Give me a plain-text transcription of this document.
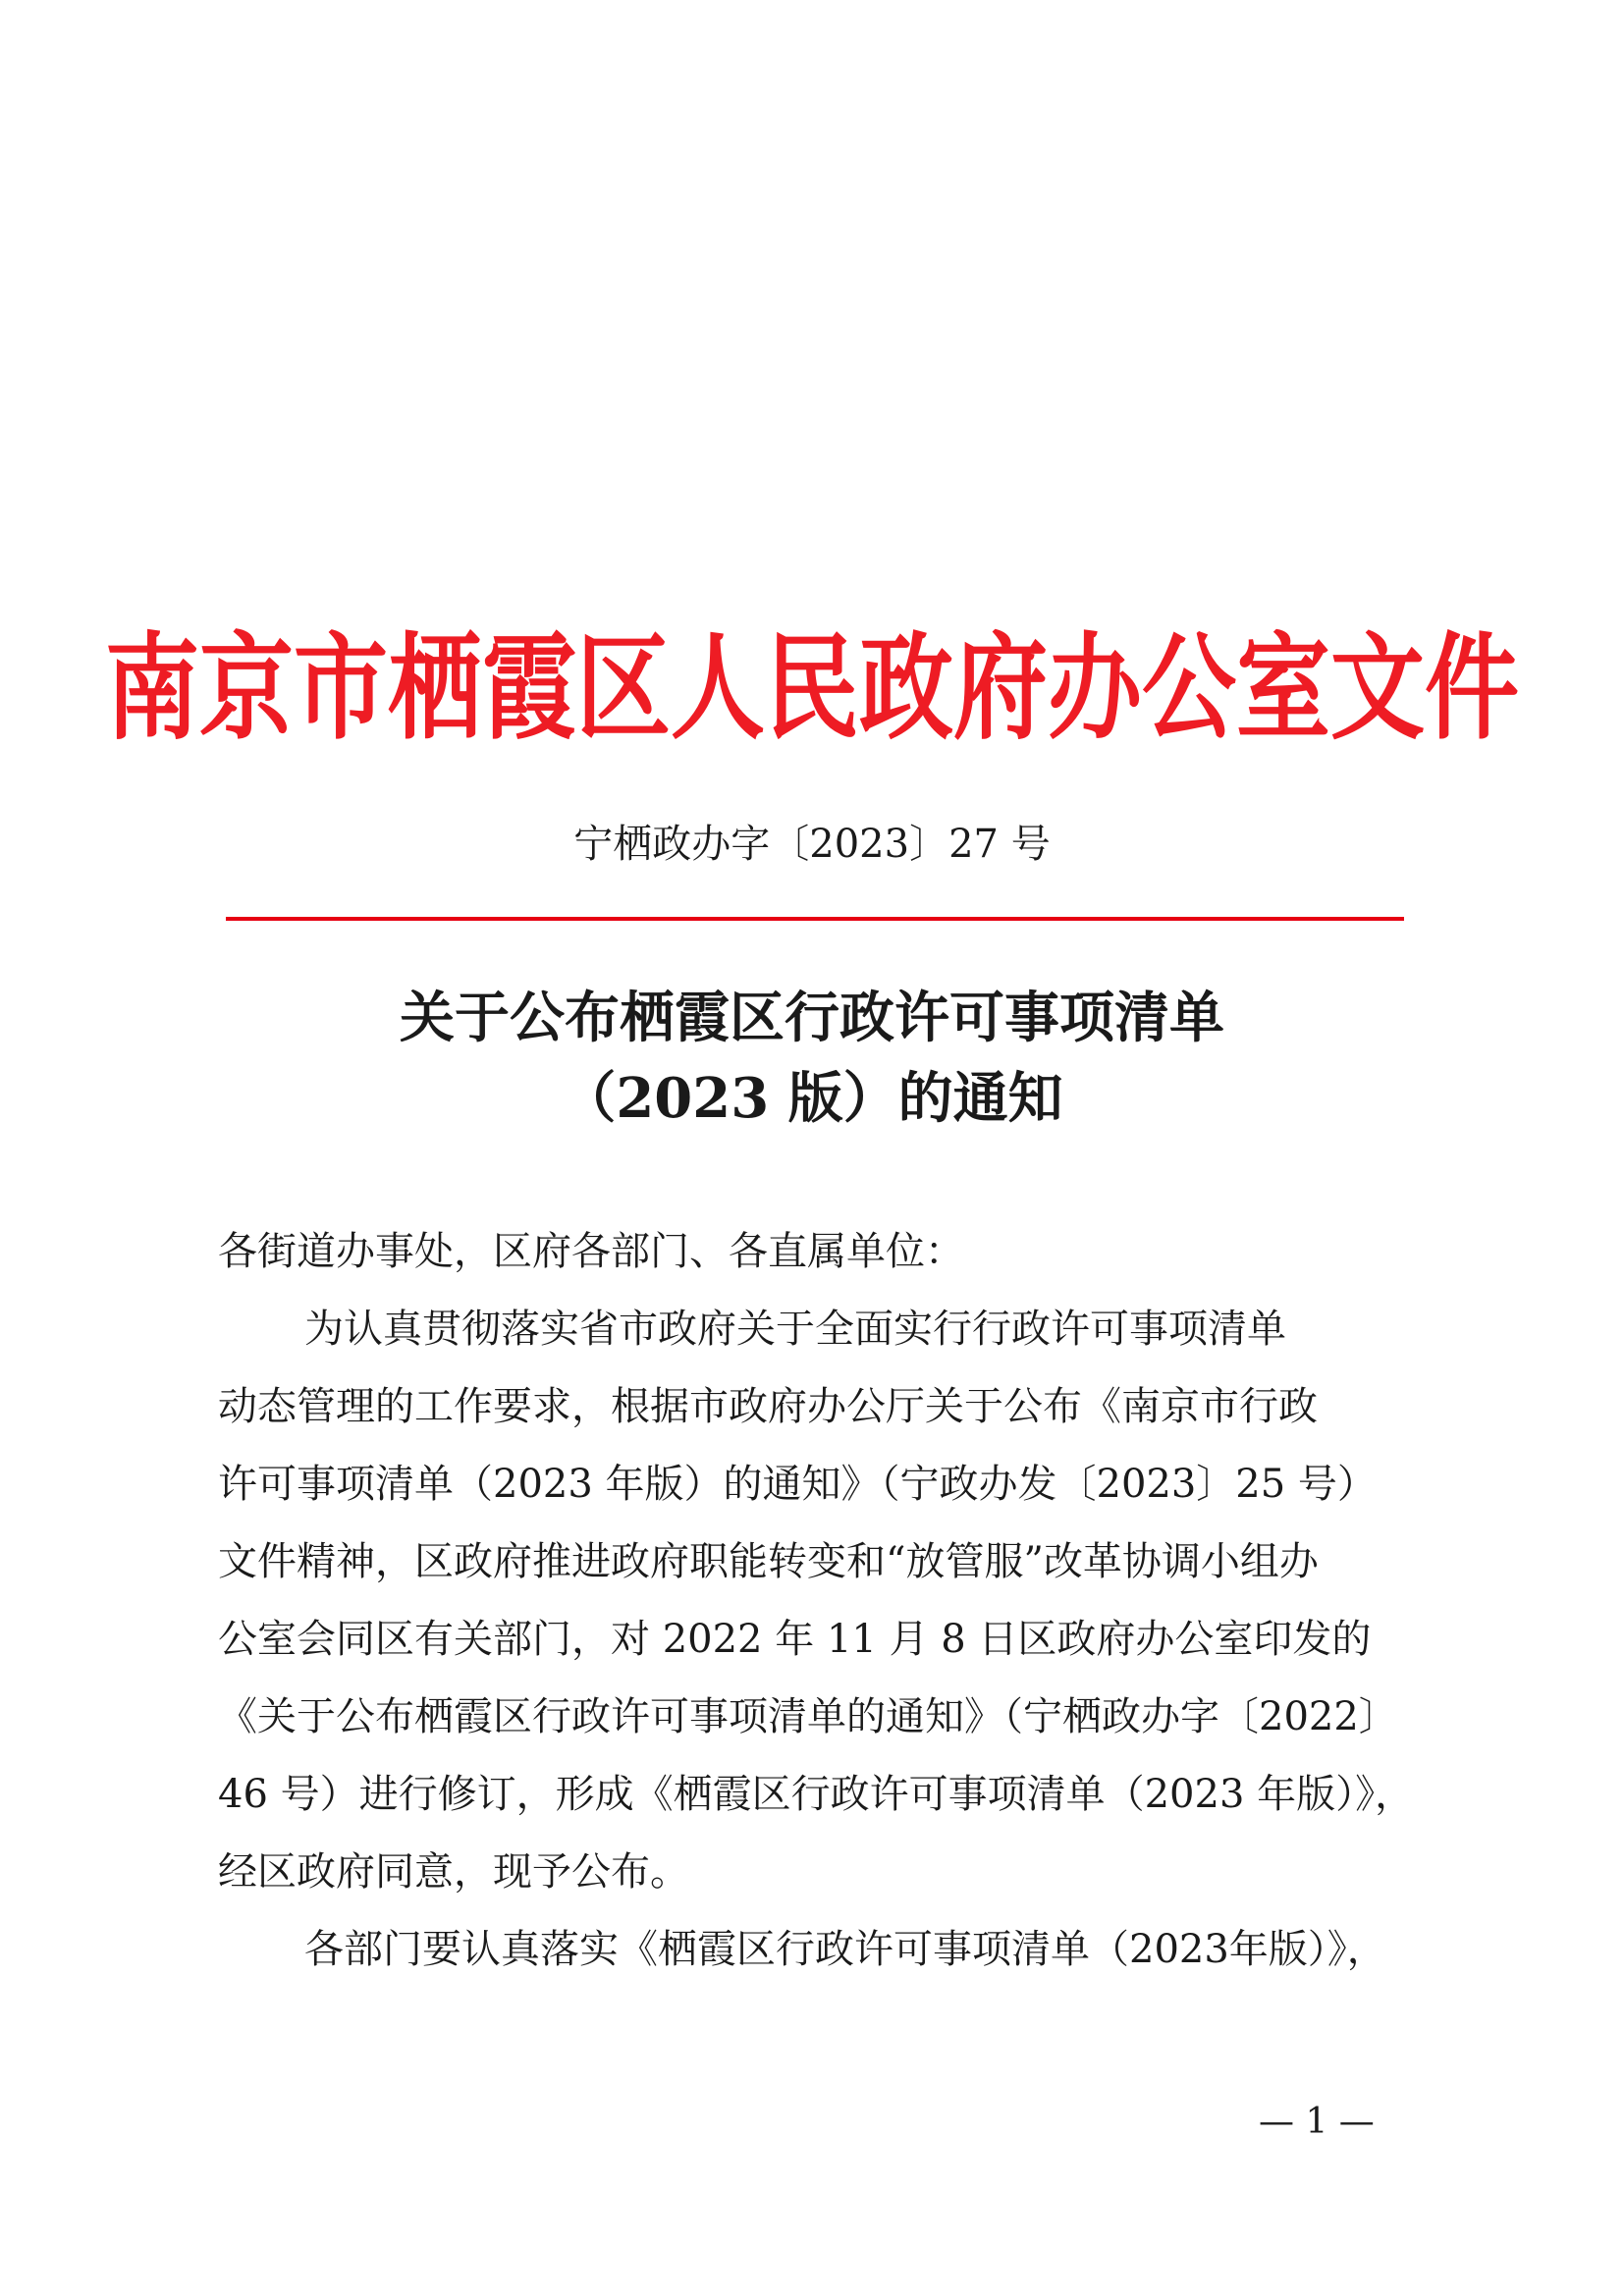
南京市栖霞区人民政府办公室文件
宁栖政办字〔2023〕27 号
关于公布栖霞区行政许可事项清单
（2023 版）的通知
各街道办事处，区府各部门、各直属单位：
为认真贯彻落实省市政府关于全面实行行政许可事项清单
动态管理的工作要求，根据市政府办公厅关于公布《南京市行政
许可事项清单（2023 年版）的通知》（宁政办发〔2023〕25 号）
文件精神，区政府推进政府职能转变和“放管服”改革协调小组办
公室会同区有关部门，对 2022 年 11 月 8 日区政府办公室印发的
《关于公布栖霞区行政许可事项清单的通知》（宁栖政办字〔2022〕
46 号）进行修订，形成《栖霞区行政许可事项清单（2023 年版）》，
经区政府同意，现予公布。
各部门要认真落实《栖霞区行政许可事项清单（2023年版）》，
— 1 —
